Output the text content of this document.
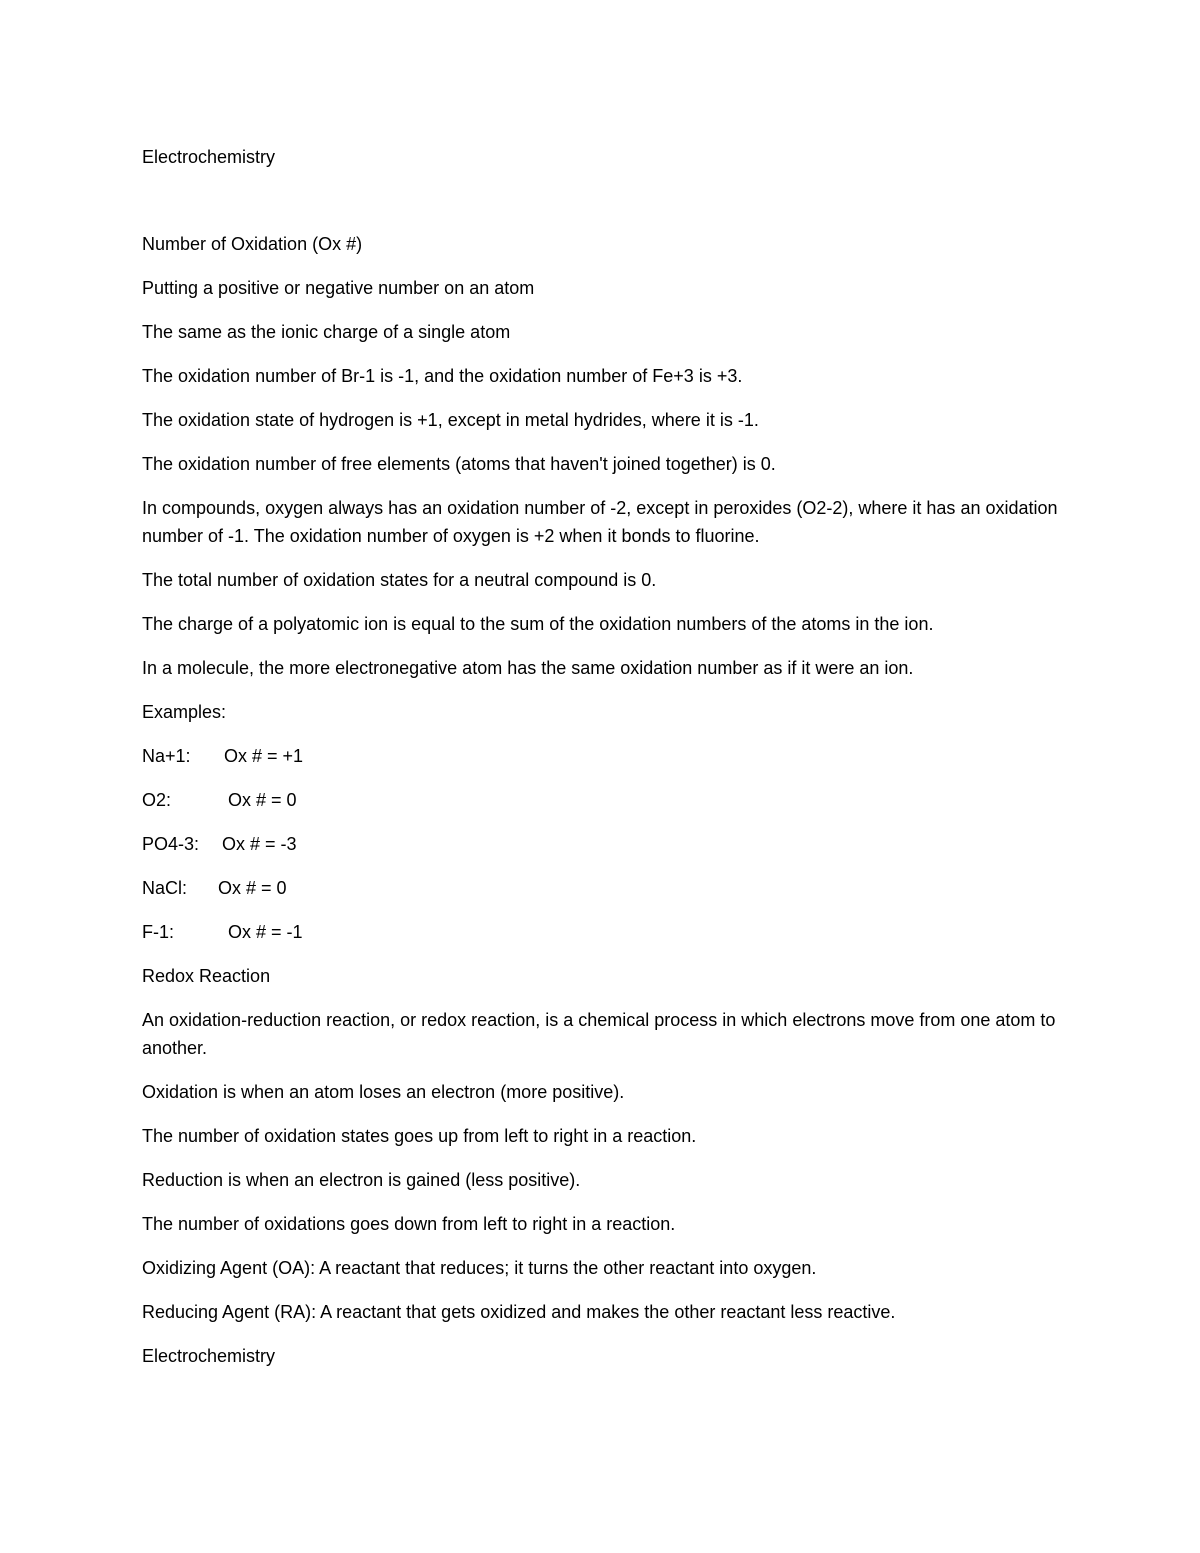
Electrochemistry

Number of Oxidation (Ox #)

Putting a positive or negative number on an atom

The same as the ionic charge of a single atom

The oxidation number of Br-1 is -1, and the oxidation number of Fe+3 is +3.

The oxidation state of hydrogen is +1, except in metal hydrides, where it is -1.

The oxidation number of free elements (atoms that haven't joined together) is 0.

In compounds, oxygen always has an oxidation number of -2, except in peroxides (O2-2), where it has an oxidation number of -1. The oxidation number of oxygen is +2 when it bonds to fluorine.

The total number of oxidation states for a neutral compound is 0.

The charge of a polyatomic ion is equal to the sum of the oxidation numbers of the atoms in the ion.

In a molecule, the more electronegative atom has the same oxidation number as if it were an ion.

Examples:

Na+1:	Ox # = +1
O2:	Ox # = 0
PO4-3:	Ox # = -3
NaCl:	Ox # = 0
F-1:	Ox # = -1

Redox Reaction

An oxidation-reduction reaction, or redox reaction, is a chemical process in which electrons move from one atom to another.

Oxidation is when an atom loses an electron (more positive).

The number of oxidation states goes up from left to right in a reaction.

Reduction is when an electron is gained (less positive).

The number of oxidations goes down from left to right in a reaction.

Oxidizing Agent (OA): A reactant that reduces; it turns the other reactant into oxygen.

Reducing Agent (RA): A reactant that gets oxidized and makes the other reactant less reactive.

Electrochemistry
